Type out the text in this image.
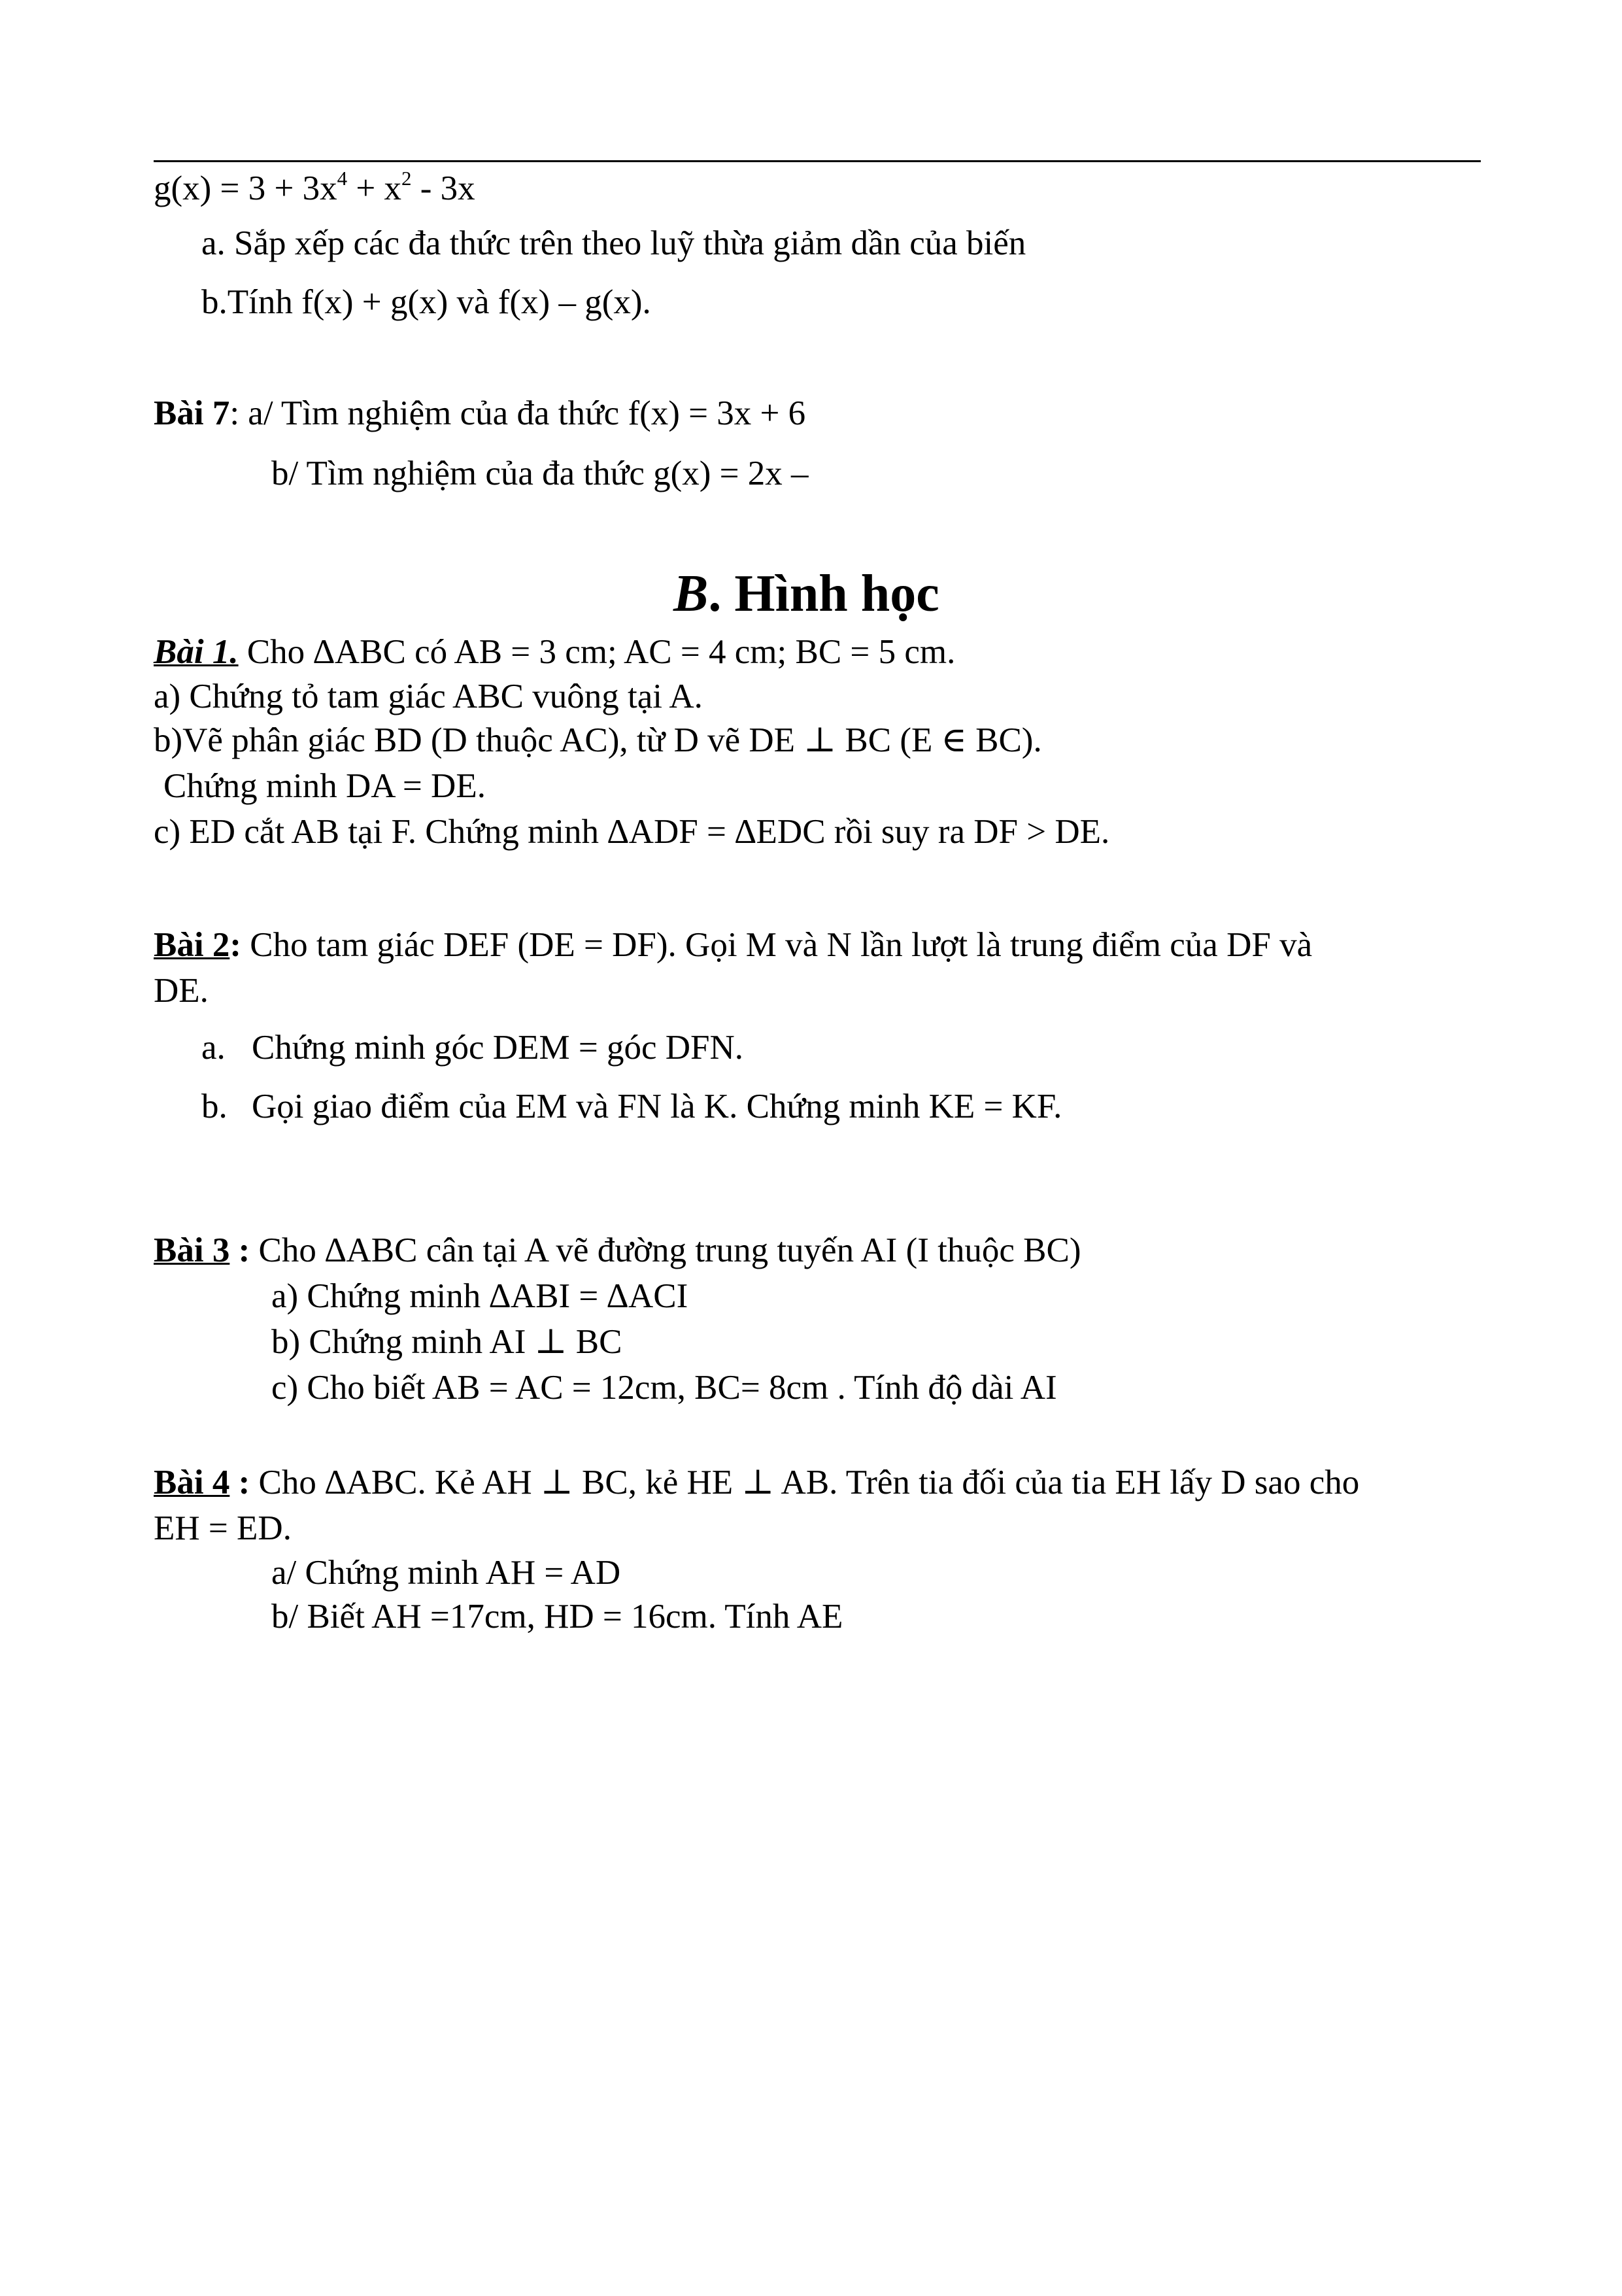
$g(x) = 3 + 3x^4 + x^2 - 3x$
a. Sắp xếp các đa thức trên theo luỹ thừa giảm dần của biến
b.Tính f(x) + g(x) và f(x) – g(x).
Bài 7: a/ Tìm nghiệm của đa thức f(x) = 3x + 6
b/ Tìm nghiệm của đa thức g(x) = 2x –
B. Hình học
Bài 1. Cho ∆ABC có AB = 3 cm; AC = 4 cm; BC = 5 cm.
a) Chứng tỏ tam giác ABC vuông tại A.
b)Vẽ phân giác BD (D thuộc AC), từ D vẽ DE ⊥ BC (E ∈ BC).
Chứng minh DA = DE.
c) ED cắt AB tại F. Chứng minh ∆ADF = ∆EDC rồi suy ra DF > DE.
Bài 2: Cho tam giác DEF (DE = DF). Gọi M và N lần lượt là trung điểm của DF và
DE.
a. Chứng minh góc DEM = góc DFN.
b. Gọi giao điểm của EM và FN là K. Chứng minh KE = KF.
Bài 3 : Cho ∆ABC cân tại A vẽ đường trung tuyến AI (I thuộc BC)
a) Chứng minh ∆ABI = ∆ACI
b) Chứng minh AI ⊥ BC
c) Cho biết AB = AC = 12cm, BC= 8cm . Tính độ dài AI
Bài 4 : Cho ∆ABC. Kẻ AH ⊥ BC, kẻ HE ⊥ AB. Trên tia đối của tia EH lấy D sao cho
EH = ED.
a/ Chứng minh AH = AD
b/ Biết AH =17cm, HD = 16cm. Tính AE
